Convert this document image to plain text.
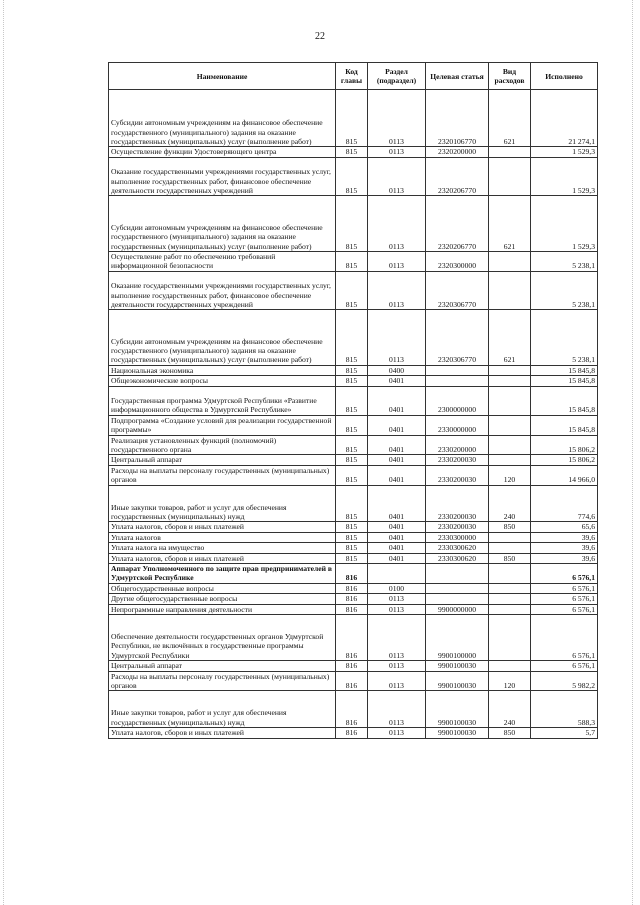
22
Наименование	Код главы	Раздел (подраздел)	Целевая статья	Вид расходов	Исполнено
Субсидии автономным учреждениям на финансовое обеспечение государственного (муниципального) задания на оказание государственных (муниципальных) услуг (выполнение работ)	815	0113	2320106770	621	21 274,1
Осуществление функции Удостоверяющего центра	815	0113	2320200000		1 529,3
Оказание государственными учреждениями государственных услуг, выполнение государственных работ, финансовое обеспечение деятельности государственных учреждений	815	0113	2320206770		1 529,3
Субсидии автономным учреждениям на финансовое обеспечение государственного (муниципального) задания на оказание государственных (муниципальных) услуг (выполнение работ)	815	0113	2320206770	621	1 529,3
Осуществление работ по обеспечению требований информационной безопасности	815	0113	2320300000		5 238,1
Оказание государственными учреждениями государственных услуг, выполнение государственных работ, финансовое обеспечение деятельности государственных учреждений	815	0113	2320306770		5 238,1
Субсидии автономным учреждениям на финансовое обеспечение государственного (муниципального) задания на оказание государственных (муниципальных) услуг (выполнение работ)	815	0113	2320306770	621	5 238,1
Национальная экономика	815	0400			15 845,8
Общеэкономические вопросы	815	0401			15 845,8
Государственная программа Удмуртской Республики «Развитие информационного общества в Удмуртской Республике»	815	0401	2300000000		15 845,8
Подпрограмма «Создание условий для реализации государственной программы»	815	0401	2330000000		15 845,8
Реализация установленных функций (полномочий) государственного органа	815	0401	2330200000		15 806,2
Центральный аппарат	815	0401	2330200030		15 806,2
Расходы на выплаты персоналу государственных (муниципальных) органов	815	0401	2330200030	120	14 966,0
Иные закупки товаров, работ и услуг для обеспечения государственных (муниципальных) нужд	815	0401	2330200030	240	774,6
Уплата налогов, сборов и иных платежей	815	0401	2330200030	850	65,6
Уплата налогов	815	0401	2330300000		39,6
Уплата налога на имущество	815	0401	2330300620		39,6
Уплата налогов, сборов и иных платежей	815	0401	2330300620	850	39,6
Аппарат Уполномоченного по защите прав предпринимателей в Удмуртской Республике	816				6 576,1
Общегосударственные вопросы	816	0100			6 576,1
Другие общегосударственные вопросы	816	0113			6 576,1
Непрограммные направления деятельности	816	0113	9900000000		6 576,1
Обеспечение деятельности государственных органов Удмуртской Республики, не включённых в государственные программы Удмуртской Республики	816	0113	9900100000		6 576,1
Центральный аппарат	816	0113	9900100030		6 576,1
Расходы на выплаты персоналу государственных (муниципальных) органов	816	0113	9900100030	120	5 982,2
Иные закупки товаров, работ и услуг для обеспечения государственных (муниципальных) нужд	816	0113	9900100030	240	588,3
Уплата налогов, сборов и иных платежей	816	0113	9900100030	850	5,7
